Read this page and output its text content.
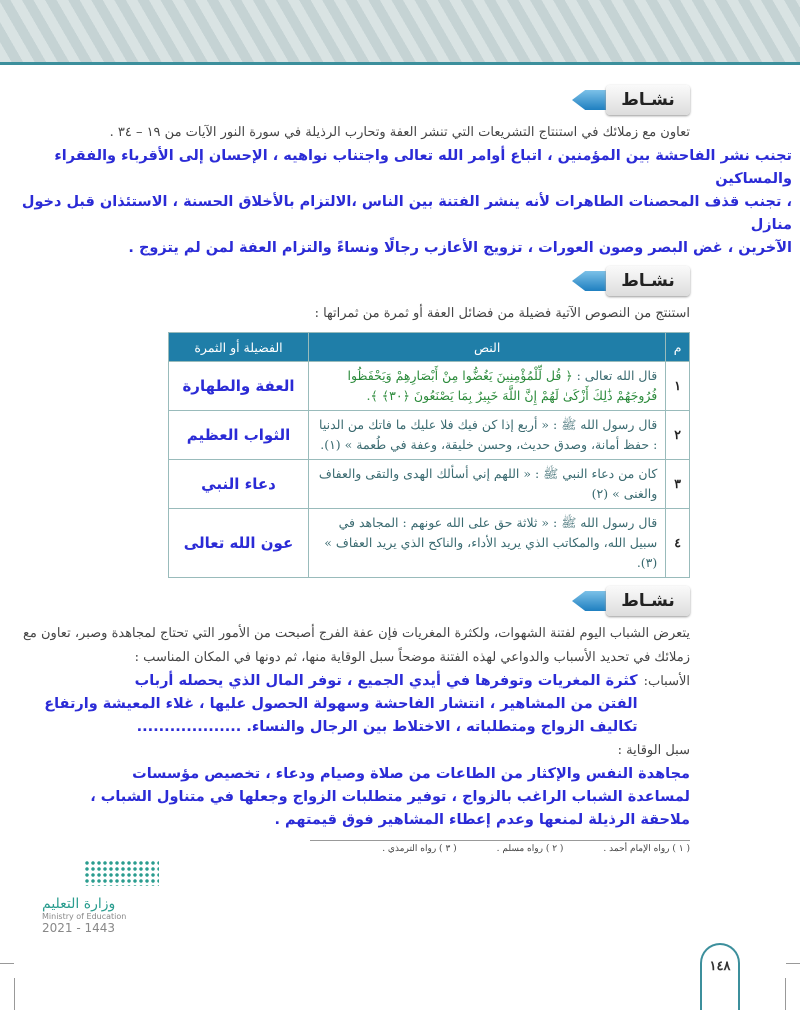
نشـاط
تعاون مع زملائك في استنتاج التشريعات التي تنشر العفة وتحارب الرذيلة في سورة النور الآيات من ١٩ – ٣٤ .
تجنب نشر الفاحشة بين المؤمنين ، اتباع أوامر الله تعالى واجتناب نواهيه ، الإحسان إلى الأقرباء والفقراء والمساكين
، تجنب قذف المحصنات الطاهرات لأنه ينشر الفتنة بين الناس ،الالتزام بالأخلاق الحسنة ، الاستئذان قبل دخول منازل
الآخرين ، غض البصر وصون العورات ، تزويج الأعازب رجالًا ونساءً والتزام العفة لمن لم يتزوج .
نشـاط
استنتج من النصوص الآتية فضيلة من فضائل العفة أو ثمرة من ثمراتها :
م	النص	الفضيلة أو الثمرة
١	قال الله تعالى : ﴿ قُل لِّلْمُؤْمِنِينَ يَغُضُّوا مِنْ أَبْصَارِهِمْ وَيَحْفَظُوا فُرُوجَهُمْ ذَٰلِكَ أَزْكَىٰ لَهُمْ إِنَّ اللَّهَ خَبِيرٌ بِمَا يَصْنَعُونَ ﴿٣٠﴾ ﴾.	العفة والطهارة
٢	قال رسول الله ﷺ : « أربع إذا كن فيك فلا عليك ما فاتك من الدنيا : حفظ أمانة، وصدق حديث، وحسن خليقة، وعفة في طُعمة » (١).	الثواب العظيم
٣	كان من دعاء النبي ﷺ : « اللهم إني أسألك الهدى والتقى والعفاف والغنى » (٢)	دعاء النبي
٤	قال رسول الله ﷺ : « ثلاثة حق على الله عونهم : المجاهد في سبيل الله، والمكاتب الذي يريد الأداء، والناكح الذي يريد العفاف » (٣).	عون الله تعالى
نشـاط
يتعرض الشباب اليوم لفتنة الشهوات، ولكثرة المغريات فإن عفة الفرج أصبحت من الأمور التي تحتاج لمجاهدة وصبر، تعاون مع زملائك في تحديد الأسباب والدواعي لهذه الفتنة موضحاً سبل الوقاية منها، ثم دونها في المكان المناسب :
الأسباب:
كثرة المغريات وتوفرها في أيدي الجميع ، توفر المال الذي يحصله أرباب
الفتن من المشاهير ، انتشار الفاحشة وسهولة الحصول عليها ، غلاء المعيشة وارتفاع
تكاليف الزواج ومتطلباته ، الاختلاط بين الرجال والنساء. ...................
سبل الوقاية :
مجاهدة النفس والإكثار من الطاعات من صلاة وصيام ودعاء ، تخصيص مؤسسات
لمساعدة الشباب الراغب بالزواج ، توفير متطلبات الزواج وجعلها في متناول الشباب ،
ملاحقة الرذيلة لمنعها وعدم إعطاء المشاهير فوق قيمتهم .
( ١ ) رواه الإمام أحمد .
( ٢ ) رواه مسلم .
( ٣ ) رواه الترمذي .
وزارة التعليم
Ministry of Education
2021 - 1443
١٤٨
